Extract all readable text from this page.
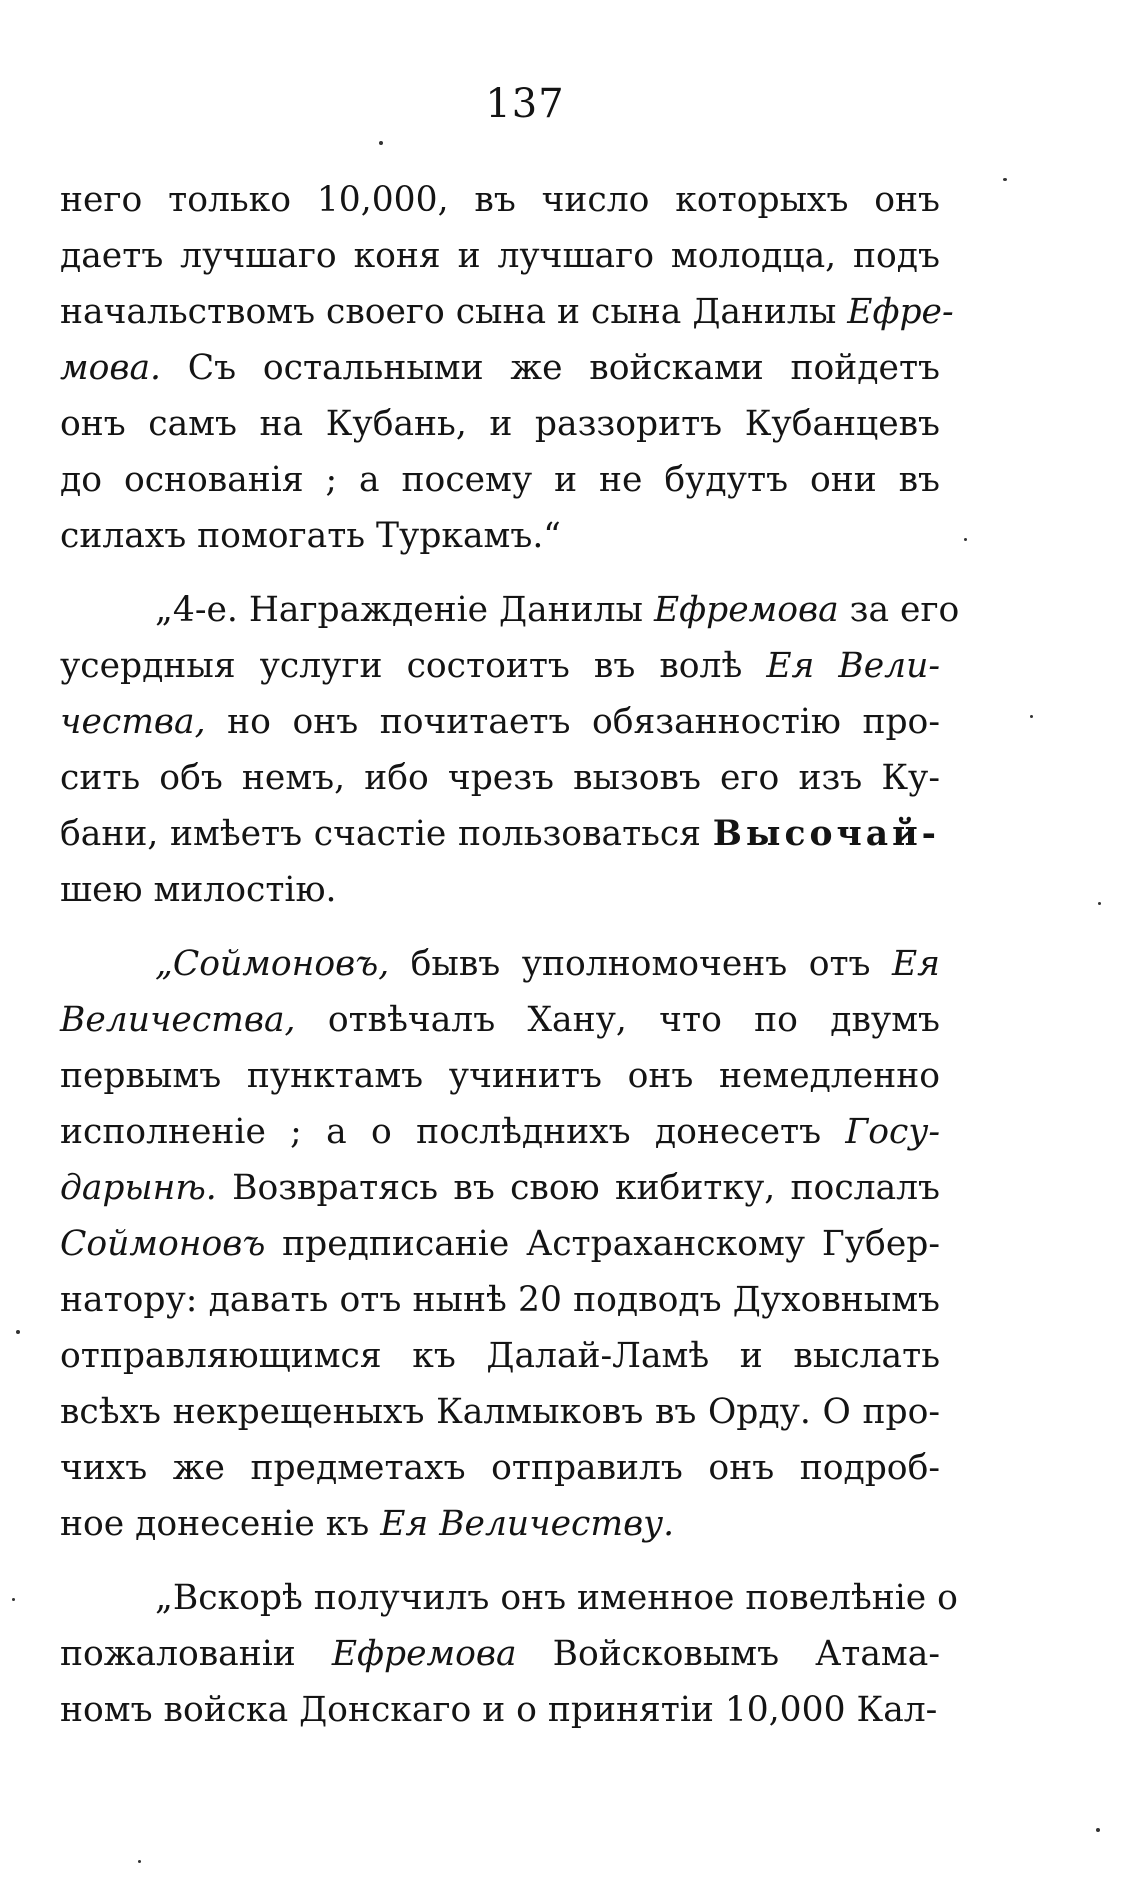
137
него только 10,000, въ число которыхъ онъ
даетъ лучшаго коня и лучшаго молодца, подъ
начальствомъ своего сына и сына Данилы Ефре-
мова. Съ остальными же войсками пойдетъ
онъ самъ на Кубань, и раззоритъ Кубанцевъ
до основанія ; а посему и не будутъ они въ
силахъ помогать Туркамъ.“
„4-е. Награжденіе Данилы Ефремова за его
усердныя услуги состоитъ въ волѣ Ея Вели-
чества, но онъ почитаетъ обязанностію про-
сить объ немъ, ибо чрезъ вызовъ его изъ Ку-
бани, имѣетъ счастіе пользоваться Высочай-
шею милостію.
„Соймоновъ, бывъ уполномоченъ отъ Ея
Величества, отвѣчалъ Хану, что по двумъ
первымъ пунктамъ учинитъ онъ немедленно
исполненіе ; а о послѣднихъ донесетъ Госу-
дарынѣ. Возвратясь въ свою кибитку, послалъ
Соймоновъ предписаніе Астраханскому Губер-
натору: давать отъ нынѣ 20 подводъ Духовнымъ
отправляющимся къ Далай-Ламѣ и выслать
всѣхъ некрещеныхъ Калмыковъ въ Орду. О про-
чихъ же предметахъ отправилъ онъ подроб-
ное донесеніе къ Ея Величеству.
„Вскорѣ получилъ онъ именное повелѣніе о
пожалованіи Ефремова Войсковымъ Атама-
номъ войска Донскаго и о принятіи 10,000 Кал-
